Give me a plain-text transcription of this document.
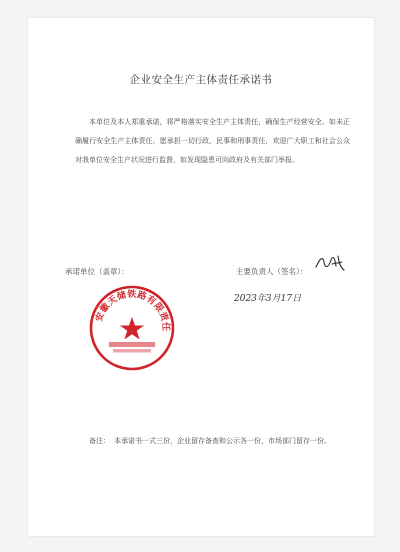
企业安全生产主体责任承诺书
本单位及本人郑重承诺，将严格落实安全生产主体责任，确保生产经营安全。如未正确履行安全生产主体责任，愿承担一切行政、民事和刑事责任，欢迎广大职工和社会公众对我单位安全生产状况进行监督，如发现隐患可向政府及有关部门举报。
承诺单位（盖章）：	主要负责人（签名）：
2023年3月17日
安徽天储铁路有限责任
备注： 本承诺书一式三份，企业留存备查和公示各一份，市场部门留存一份。
